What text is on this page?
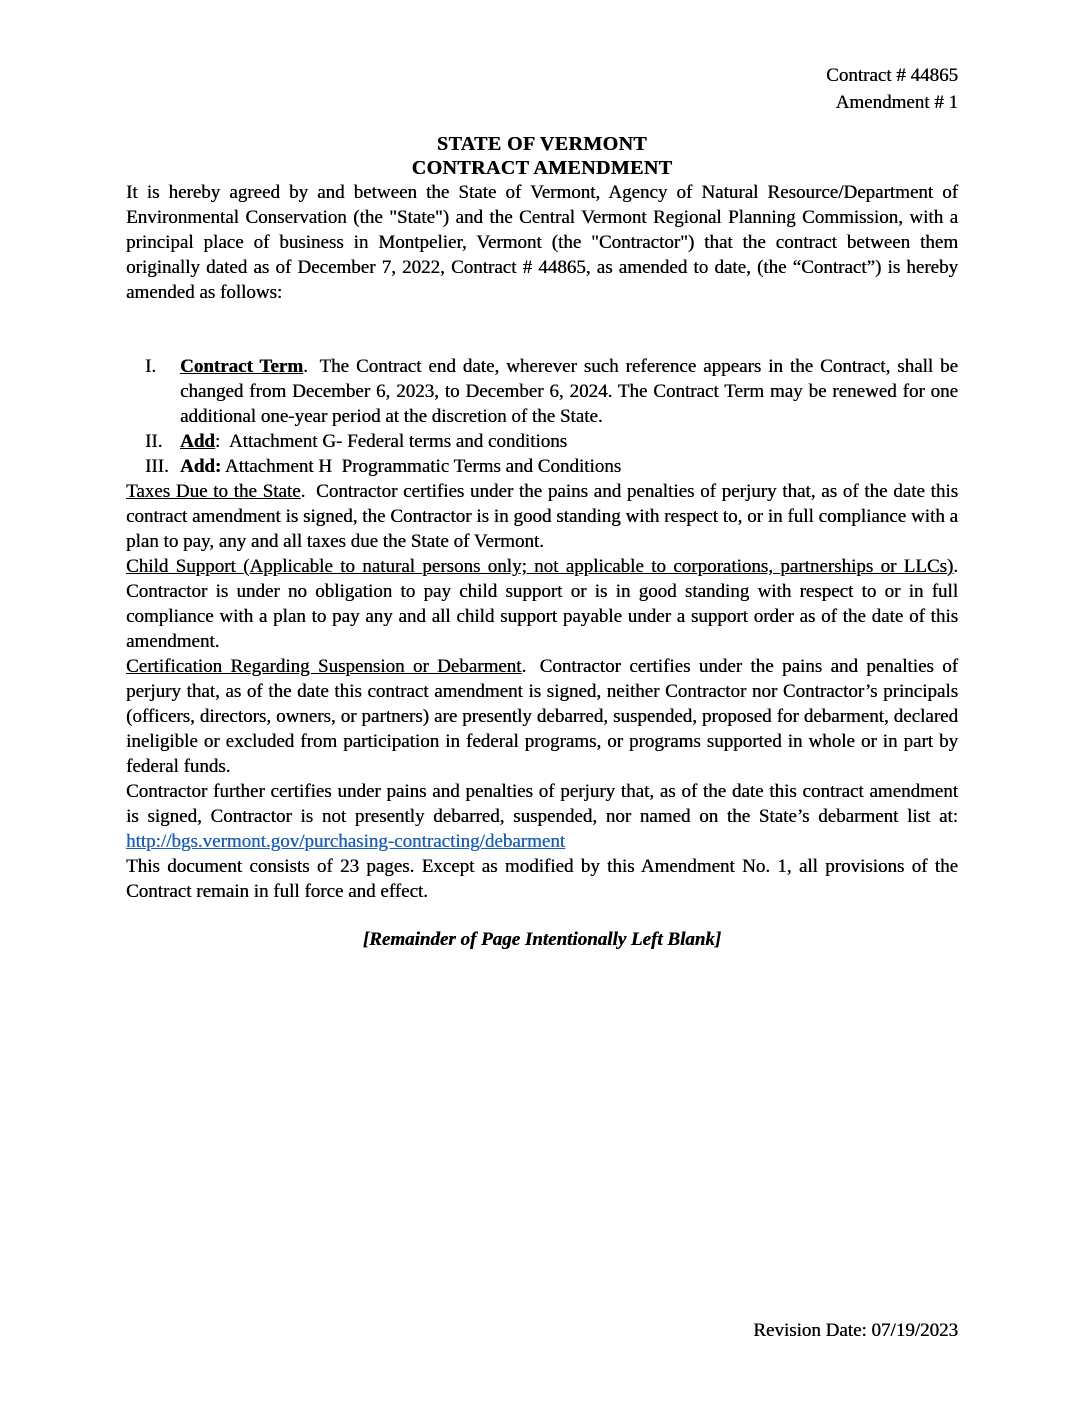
Contract # 44865
Amendment # 1
STATE OF VERMONT
CONTRACT AMENDMENT

It is hereby agreed by and between the State of Vermont, Agency of Natural Resource/Department of Environmental Conservation (the "State") and the Central Vermont Regional Planning Commission, with a principal place of business in Montpelier, Vermont (the "Contractor") that the contract between them originally dated as of December 7, 2022, Contract # 44865, as amended to date, (the “Contract”) is hereby amended as follows:

I.	Contract Term. The Contract end date, wherever such reference appears in the Contract, shall be changed from December 6, 2023, to December 6, 2024. The Contract Term may be renewed for one additional one-year period at the discretion of the State.
II. Add: Attachment G- Federal terms and conditions
III. Add: Attachment H  Programmatic Terms and Conditions

Taxes Due to the State. Contractor certifies under the pains and penalties of perjury that, as of the date this contract amendment is signed, the Contractor is in good standing with respect to, or in full compliance with a plan to pay, any and all taxes due the State of Vermont.

Child Support (Applicable to natural persons only; not applicable to corporations, partnerships or LLCs). Contractor is under no obligation to pay child support or is in good standing with respect to or in full compliance with a plan to pay any and all child support payable under a support order as of the date of this amendment.

Certification Regarding Suspension or Debarment. Contractor certifies under the pains and penalties of perjury that, as of the date this contract amendment is signed, neither Contractor nor Contractor’s principals (officers, directors, owners, or partners) are presently debarred, suspended, proposed for debarment, declared ineligible or excluded from participation in federal programs, or programs supported in whole or in part by federal funds.

Contractor further certifies under pains and penalties of perjury that, as of the date this contract amendment is signed, Contractor is not presently debarred, suspended, nor named on the State’s debarment list at: http://bgs.vermont.gov/purchasing-contracting/debarment

This document consists of 23 pages. Except as modified by this Amendment No. 1, all provisions of the Contract remain in full force and effect.

[Remainder of Page Intentionally Left Blank]

Revision Date: 07/19/2023
